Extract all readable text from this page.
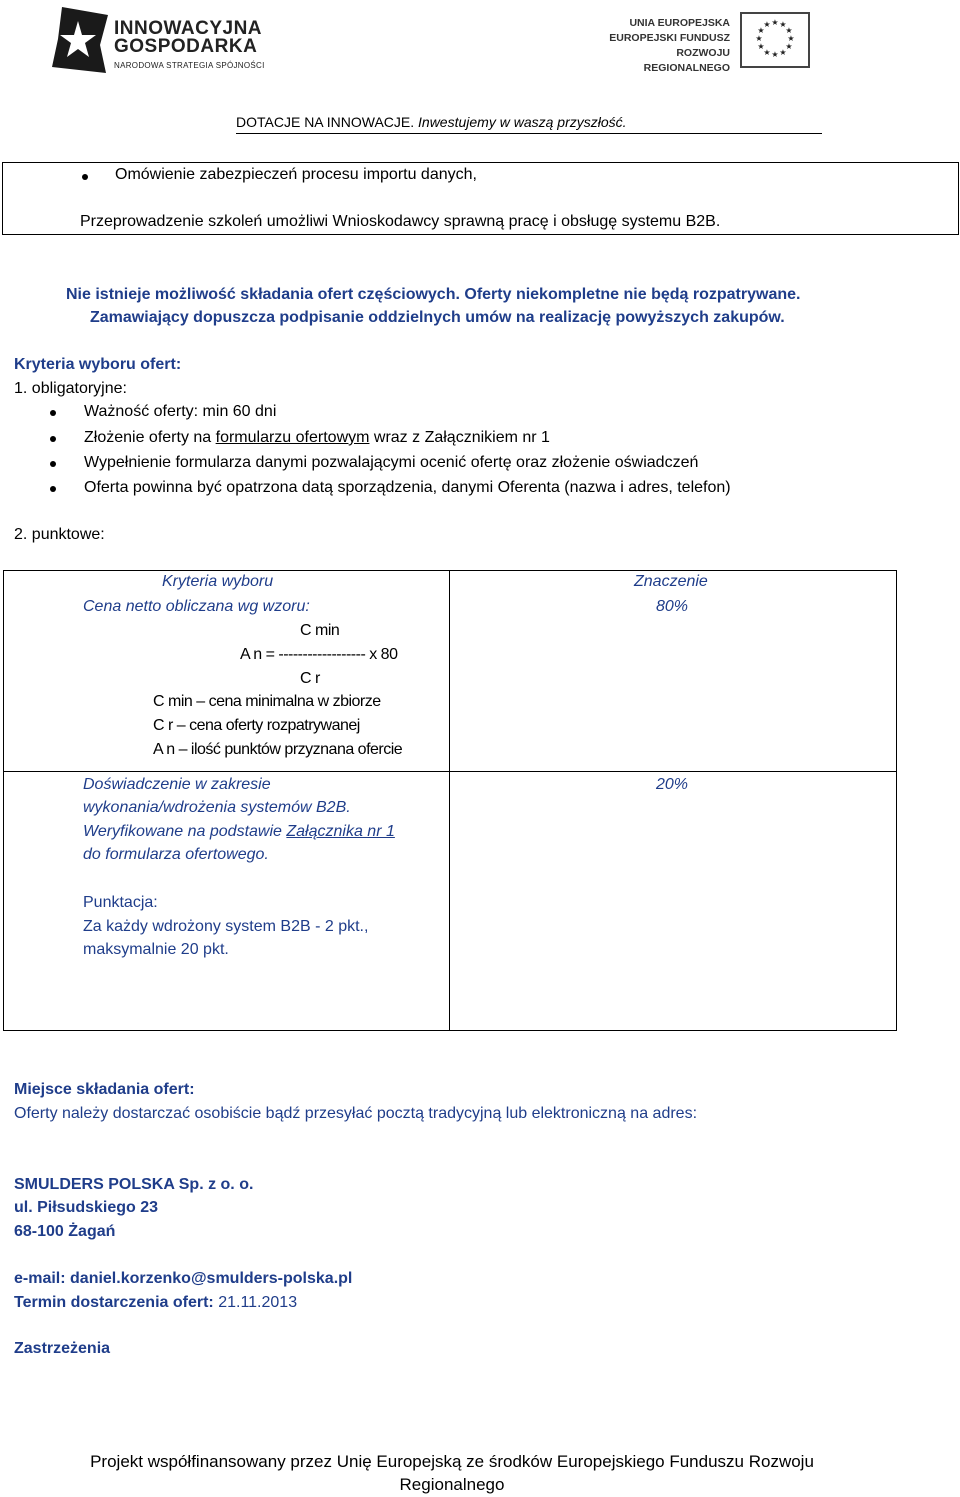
INNOWACYJNA
GOSPODARKA
NARODOWA STRATEGIA SPÓJNOŚCI
UNIA EUROPEJSKA
EUROPEJSKI FUNDUSZ
ROZWOJU REGIONALNEGO
★ ★
★
★
★
★
★
★
★
★
★
★
DOTACJE NA INNOWACJE. Inwestujemy w waszą przyszłość.
Omówienie zabezpieczeń procesu importu danych,
Przeprowadzenie szkoleń umożliwi Wnioskodawcy sprawną pracę i obsługę systemu B2B.
Nie istnieje możliwość składania ofert częściowych. Oferty niekompletne nie będą rozpatrywane.
Zamawiający dopuszcza podpisanie oddzielnych umów na realizację powyższych zakupów.
Kryteria wyboru ofert:
1. obligatoryjne:
Ważność oferty: min 60 dni
Złożenie oferty na formularzu ofertowym wraz z Załącznikiem nr 1
Wypełnienie formularza danymi pozwalającymi ocenić ofertę oraz złożenie oświadczeń
Oferta powinna być opatrzona datą sporządzenia, danymi Oferenta (nazwa i adres, telefon)
2. punktowe:
Kryteria wyboru	Znaczenie
Cena netto obliczana wg wzoru:
C min
A n = ------------------ x 80
C r
C min – cena minimalna w zbiorze
C r – cena oferty rozpatrywanej
A n – ilość punktów przyznana ofercie
80%
Doświadczenie w zakresie
wykonania/wdrożenia systemów B2B.
Weryfikowane na podstawie Załącznika nr 1
do formularza ofertowego.
Punktacja:
Za każdy wdrożony system B2B - 2 pkt.,
maksymalnie 20 pkt.
20%
Miejsce składania ofert:
Oferty należy dostarczać osobiście bądź przesyłać pocztą tradycyjną lub elektroniczną na adres:
SMULDERS POLSKA Sp. z o. o.
ul. Piłsudskiego 23
68-100 Żagań
e-mail: daniel.korzenko@smulders-polska.pl
Termin dostarczenia ofert: 21.11.2013
Zastrzeżenia
Projekt współfinansowany przez Unię Europejską ze środków Europejskiego Funduszu Rozwoju
Regionalnego
